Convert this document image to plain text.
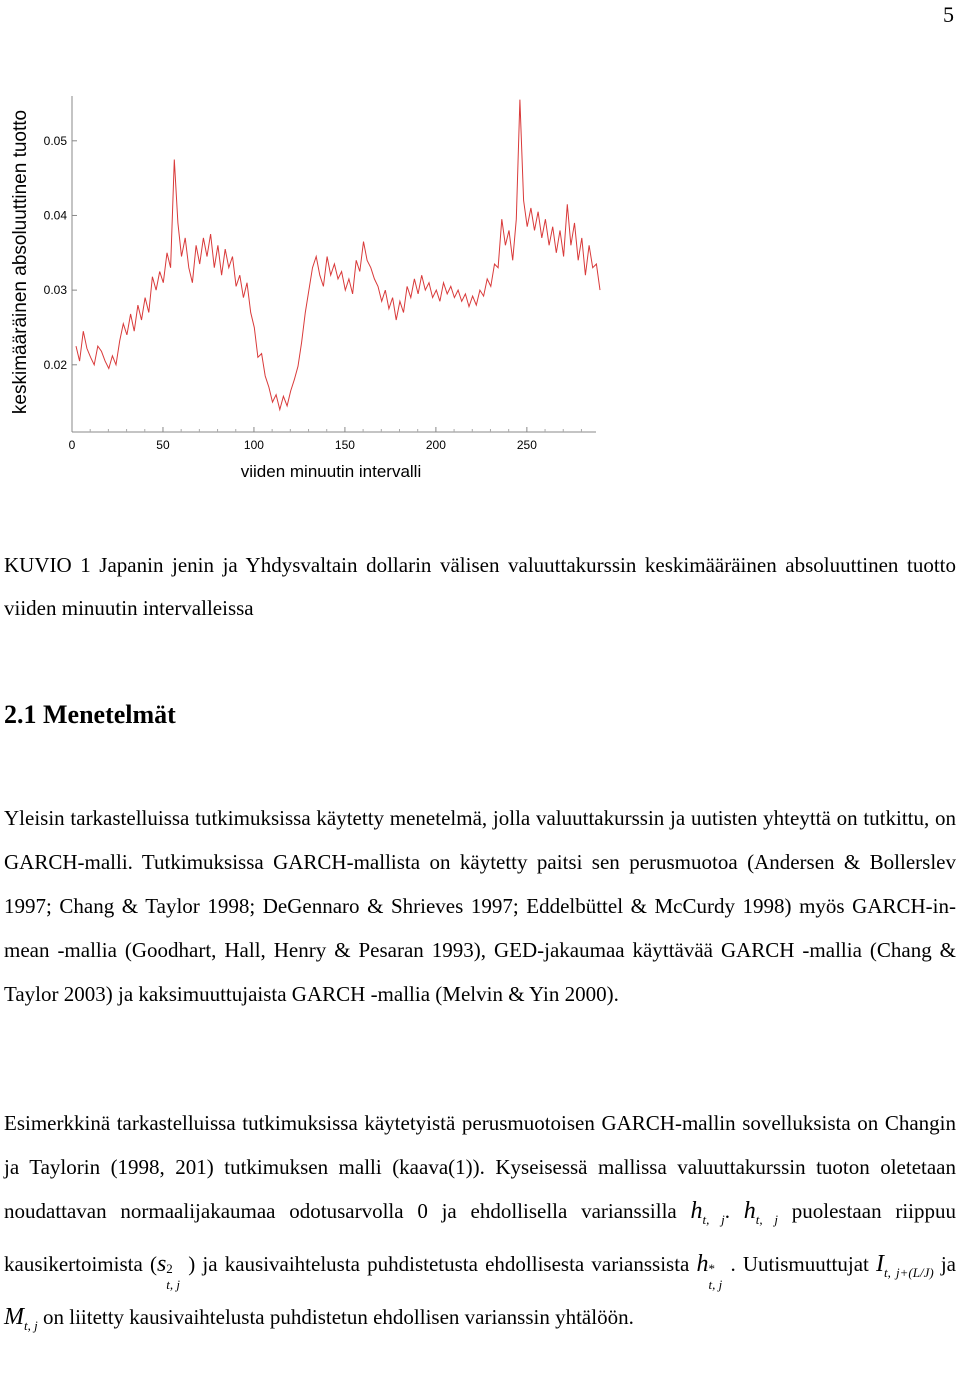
5
0.02
0.03
0.04
0.05
0	50	100	150	200	250
keskimääräinen absoluuttinen tuotto
viiden minuutin intervalli

KUVIO 1 Japanin jenin ja Yhdysvaltain dollarin välisen valuuttakurssin keskimääräinen absoluuttinen tuotto viiden minuutin intervalleissa

2.1 Menetelmät

Yleisin tarkastelluissa tutkimuksissa käytetty menetelmä, jolla valuuttakurssin ja uutisten yhteyttä on tutkittu, on GARCH-malli. Tutkimuksissa GARCH-mallista on käytetty paitsi sen perusmuotoa (Andersen & Bollerslev 1997; Chang & Taylor 1998; DeGennaro & Shrieves 1997; Eddelbüttel & McCurdy 1998) myös GARCH-in-mean -mallia (Goodhart, Hall, Henry & Pesaran 1993), GED-jakaumaa käyttävää GARCH -mallia (Chang & Taylor 2003) ja kaksimuuttujaista GARCH -mallia (Melvin & Yin 2000).

Esimerkkinä tarkastelluissa tutkimuksissa käytetyistä perusmuotoisen GARCH-mallin sovelluksista on Changin ja Taylorin (1998, 201) tutkimuksen malli (kaava(1)). Kyseisessä mallissa valuuttakurssin tuoton oletetaan noudattavan normaalijakaumaa odotusarvolla 0 ja ehdollisella varianssilla $h_{t, j}$. $h_{t, j}$ puolestaan riippuu kausikertoimista (s 2
t, j
) ja kausivaihtelusta puhdistetusta ehdollisesta varianssista h *
t, j
. Uutismuuttujat $I_{t, j+(L/J)}$ ja $M_{t, j}$ on liitetty kausivaihtelusta puhdistetun ehdollisen varianssin yhtälöön.
